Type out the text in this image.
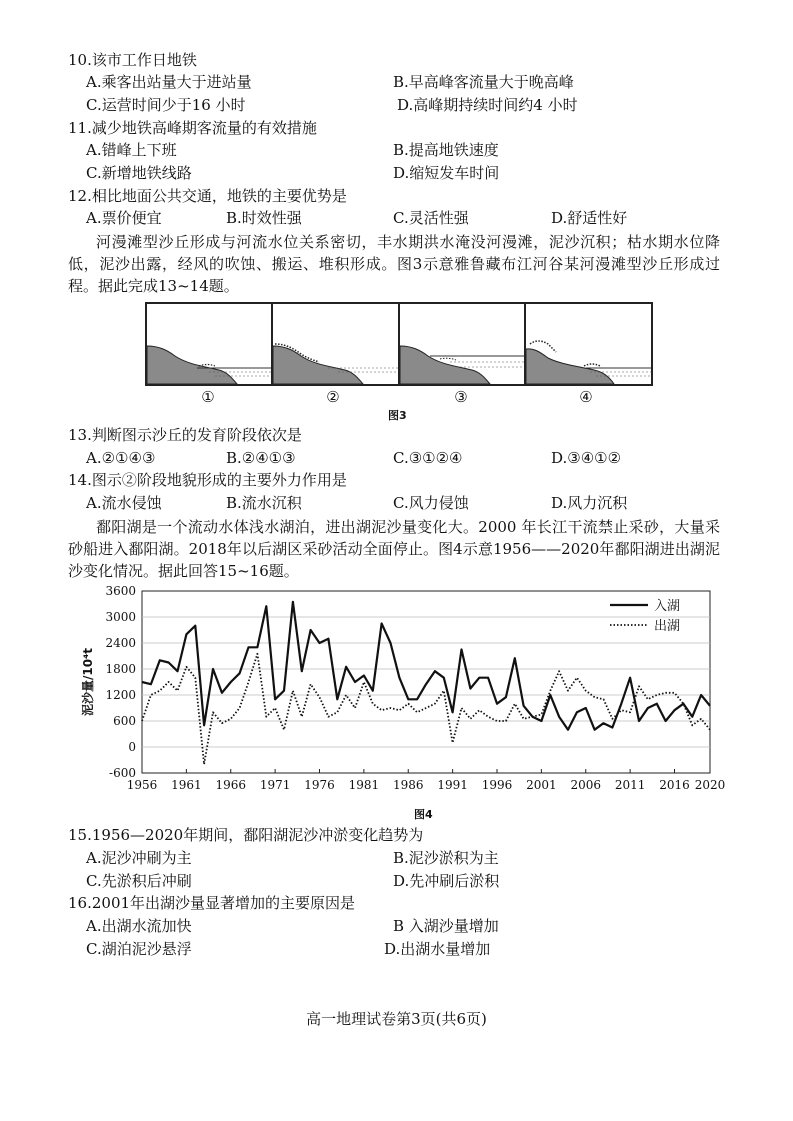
10.该市工作日地铁
A.乘客出站量大于进站量	B.早高峰客流量大于晚高峰
C.运营时间少于16 小时	D.高峰期持续时间约4 小时
11.减少地铁高峰期客流量的有效措施
A.错峰上下班	B.提高地铁速度
C.新增地铁线路	D.缩短发车时间
12.相比地面公共交通，地铁的主要优势是
A.票价便宜	B.时效性强	C.灵活性强	D.舒适性好
河漫滩型沙丘形成与河流水位关系密切，丰水期洪水淹没河漫滩，泥沙沉积；枯水期水位降低，泥沙出露，经风的吹蚀、搬运、堆积形成。图3示意雅鲁藏布江河谷某河漫滩型沙丘形成过程。据此完成13~14题。
①	②	③	④
图3
13.判断图示沙丘的发育阶段依次是
A.②①④③	B.②④①③	C.③①②④	D.③④①②
14.图示②阶段地貌形成的主要外力作用是
A.流水侵蚀	B.流水沉积	C.风力侵蚀	D.风力沉积
鄱阳湖是一个流动水体浅水湖泊，进出湖泥沙量变化大。2000 年长江干流禁止采砂，大量采砂船进入鄱阳湖。2018年以后湖区采砂活动全面停止。图4示意1956——2020年鄱阳湖进出湖泥沙变化情况。据此回答15~16题。
-600
0
600
1200
1800
2400
3000
3600
1956 1961 1966 1971 1976 1981 1986 1991 1996 2001 2006 2011 2016 2020
泥沙量/10⁴t
入湖
出湖
图4
15.1956—2020年期间，鄱阳湖泥沙冲淤变化趋势为
A.泥沙冲刷为主	B.泥沙淤积为主
C.先淤积后冲刷	D.先冲刷后淤积
16.2001年出湖沙量显著增加的主要原因是
A.出湖水流加快	B 入湖沙量增加
C.湖泊泥沙悬浮	D.出湖水量增加
高一地理试卷第3页(共6页)
